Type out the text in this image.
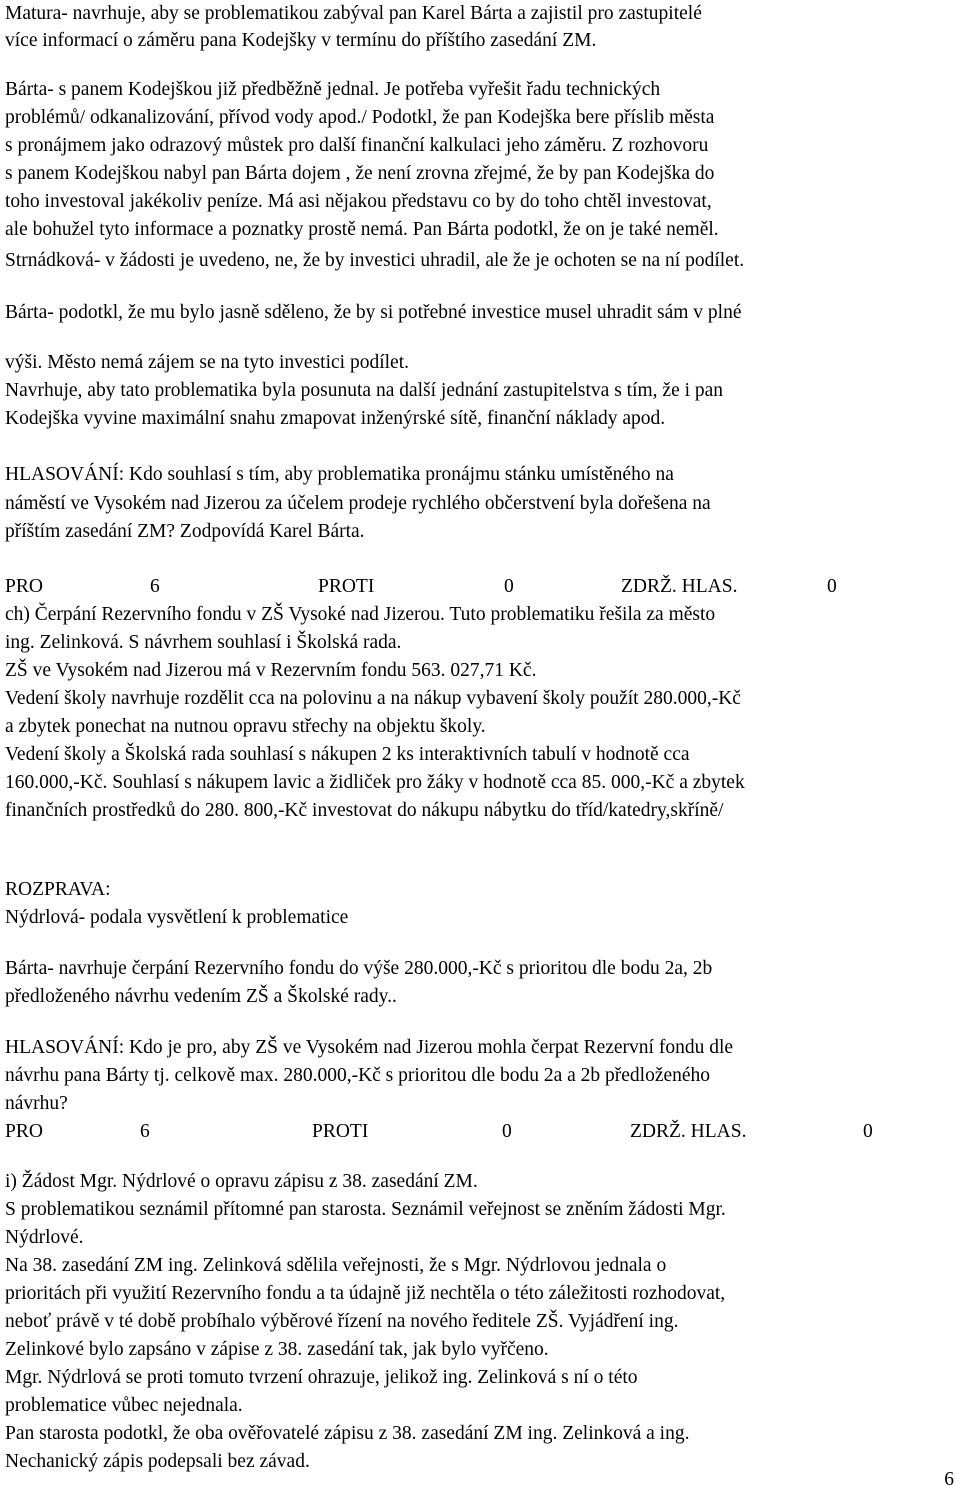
Matura- navrhuje, aby se problematikou zabýval pan Karel Bárta a zajistil pro zastupitelé
více informací o záměru pana Kodejšky v termínu do příštího zasedání ZM.
Bárta- s panem Kodejškou již předběžně jednal. Je potřeba vyřešit řadu technických
problémů/ odkanalizování, přívod vody apod./ Podotkl, že pan Kodejška bere příslib města
s pronájmem jako odrazový můstek pro další finanční kalkulaci jeho záměru. Z rozhovoru
s panem Kodejškou nabyl pan Bárta dojem , že není zrovna zřejmé, že by pan Kodejška do
toho investoval jakékoliv peníze. Má asi nějakou představu co by do toho chtěl investovat,
ale bohužel tyto informace a poznatky prostě nemá. Pan Bárta podotkl, že on je také neměl.
Strnádková- v žádosti je uvedeno, ne, že by investici uhradil, ale že je ochoten se na ní podílet.
Bárta- podotkl, že mu bylo jasně sděleno, že by si potřebné investice musel uhradit sám v plné
výši. Město nemá zájem se na tyto investici podílet.
Navrhuje, aby tato problematika byla posunuta na další jednání zastupitelstva s tím, že i pan
Kodejška vyvine maximální snahu zmapovat inženýrské sítě, finanční náklady apod.
HLASOVÁNÍ: Kdo souhlasí s tím, aby problematika pronájmu stánku umístěného na
náměstí ve Vysokém nad Jizerou za účelem prodeje rychlého občerstvení byla dořešena na
příštím zasedání ZM? Zodpovídá Karel Bárta.
PRO	6	PROTI	0	ZDRŽ. HLAS.	0
ch) Čerpání Rezervního fondu v ZŠ Vysoké nad Jizerou. Tuto problematiku řešila za město
ing. Zelinková. S návrhem souhlasí i Školská rada.
ZŠ ve Vysokém nad Jizerou má v Rezervním fondu 563. 027,71 Kč.
Vedení školy navrhuje rozdělit cca na polovinu a na nákup vybavení školy použít 280.000,-Kč
a zbytek ponechat na nutnou opravu střechy na objektu školy.
Vedení školy a Školská rada souhlasí s nákupen 2 ks interaktivních tabulí v hodnotě cca
160.000,-Kč. Souhlasí s nákupem lavic a židliček pro žáky v hodnotě cca 85. 000,-Kč a zbytek
finančních prostředků do 280. 800,-Kč investovat do nákupu nábytku do tříd/katedry,skříně/
ROZPRAVA:
Nýdrlová- podala vysvětlení k problematice
Bárta- navrhuje čerpání Rezervního fondu do výše 280.000,-Kč s prioritou dle bodu 2a, 2b
předloženého návrhu vedením ZŠ a Školské rady..
HLASOVÁNÍ: Kdo je pro, aby ZŠ ve Vysokém nad Jizerou mohla čerpat Rezervní fondu dle
návrhu pana Bárty tj. celkově max. 280.000,-Kč s prioritou dle bodu 2a a 2b předloženého
návrhu?
PRO	6	PROTI	0	ZDRŽ. HLAS.	0
i) Žádost Mgr. Nýdrlové o opravu zápisu z 38. zasedání ZM.
S problematikou seznámil přítomné pan starosta. Seznámil veřejnost se zněním žádosti Mgr.
Nýdrlové.
Na 38. zasedání ZM ing. Zelinková sdělila veřejnosti, že s Mgr. Nýdrlovou jednala o
prioritách při využití Rezervního fondu a ta údajně již nechtěla o této záležitosti rozhodovat,
neboť právě v té době probíhalo výběrové řízení na nového ředitele ZŠ. Vyjádření ing.
Zelinkové bylo zapsáno v zápise z 38. zasedání tak, jak bylo vyřčeno.
Mgr. Nýdrlová se proti tomuto tvrzení ohrazuje, jelikož ing. Zelinková s ní o této
problematice vůbec nejednala.
Pan starosta podotkl, že oba ověřovatelé zápisu z 38. zasedání ZM ing. Zelinková a ing.
Nechanický zápis podepsali bez závad.
6
